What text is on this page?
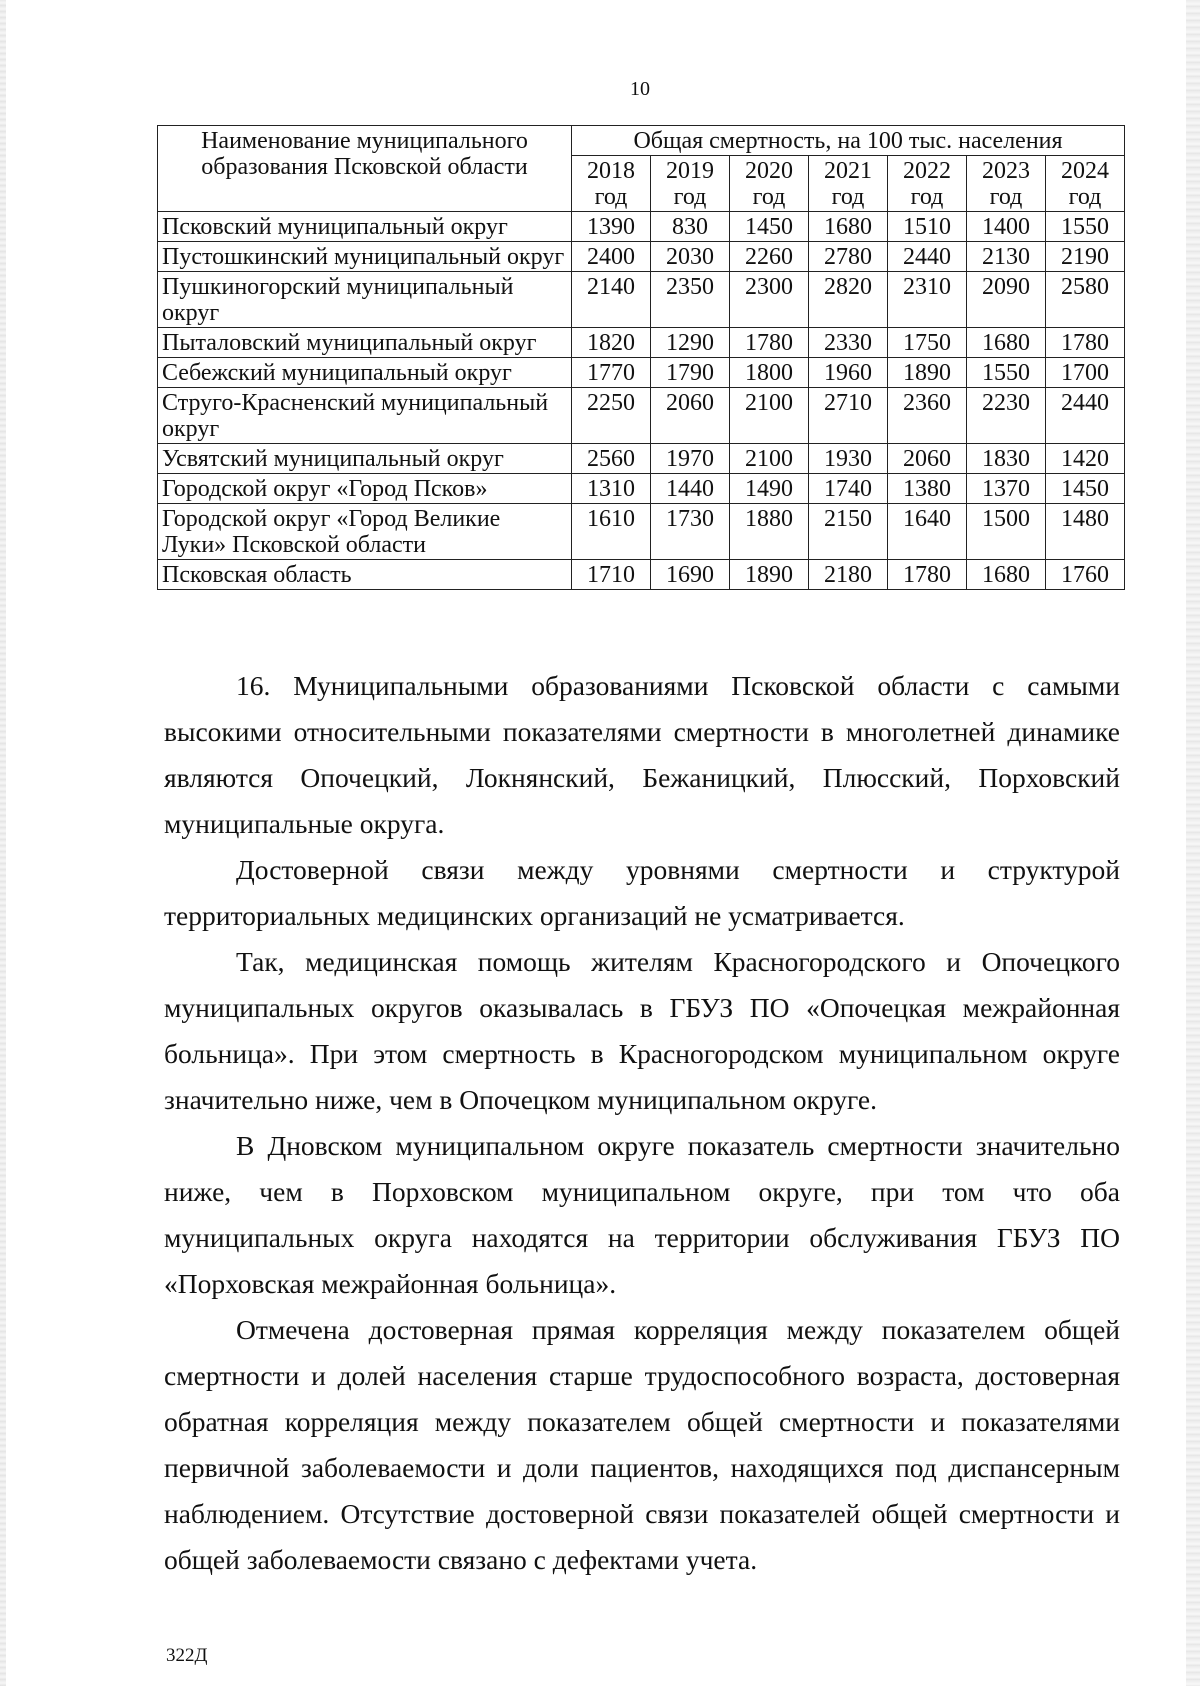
10
Наименование муниципального образования Псковской области	Общая смертность, на 100 тыс. населения						
	2018 год	2019 год	2020 год	2021 год	2022 год	2023 год	2024 год
Псковский муниципальный округ	1390	830	1450	1680	1510	1400	1550
Пустошкинский муниципальный округ	2400	2030	2260	2780	2440	2130	2190
Пушкиногорский муниципальный округ	2140	2350	2300	2820	2310	2090	2580
Пыталовский муниципальный округ	1820	1290	1780	2330	1750	1680	1780
Себежский муниципальный округ	1770	1790	1800	1960	1890	1550	1700
Струго-Красненский муниципальный округ	2250	2060	2100	2710	2360	2230	2440
Усвятский муниципальный округ	2560	1970	2100	1930	2060	1830	1420
Городской округ «Город Псков»	1310	1440	1490	1740	1380	1370	1450
Городской округ «Город Великие Луки» Псковской области	1610	1730	1880	2150	1640	1500	1480
Псковская область	1710	1690	1890	2180	1780	1680	1760

16. Муниципальными образованиями Псковской области с самыми высокими относительными показателями смертности в многолетней динамике являются Опочецкий, Локнянский, Бежаницкий, Плюсский, Порховский муниципальные округа.

Достоверной связи между уровнями смертности и структурой территориальных медицинских организаций не усматривается.

Так, медицинская помощь жителям Красногородского и Опочецкого муниципальных округов оказывалась в ГБУЗ ПО «Опочецкая межрайонная больница». При этом смертность в Красногородском муниципальном округе значительно ниже, чем в Опочецком муниципальном округе.

В Дновском муниципальном округе показатель смертности значительно ниже, чем в Порховском муниципальном округе, при том что оба муниципальных округа находятся на территории обслуживания ГБУЗ ПО «Порховская межрайонная больница».

Отмечена достоверная прямая корреляция между показателем общей смертности и долей населения старше трудоспособного возраста, достоверная обратная корреляция между показателем общей смертности и показателями первичной заболеваемости и доли пациентов, находящихся под диспансерным наблюдением. Отсутствие достоверной связи показателей общей смертности и общей заболеваемости связано с дефектами учета.

322Д
